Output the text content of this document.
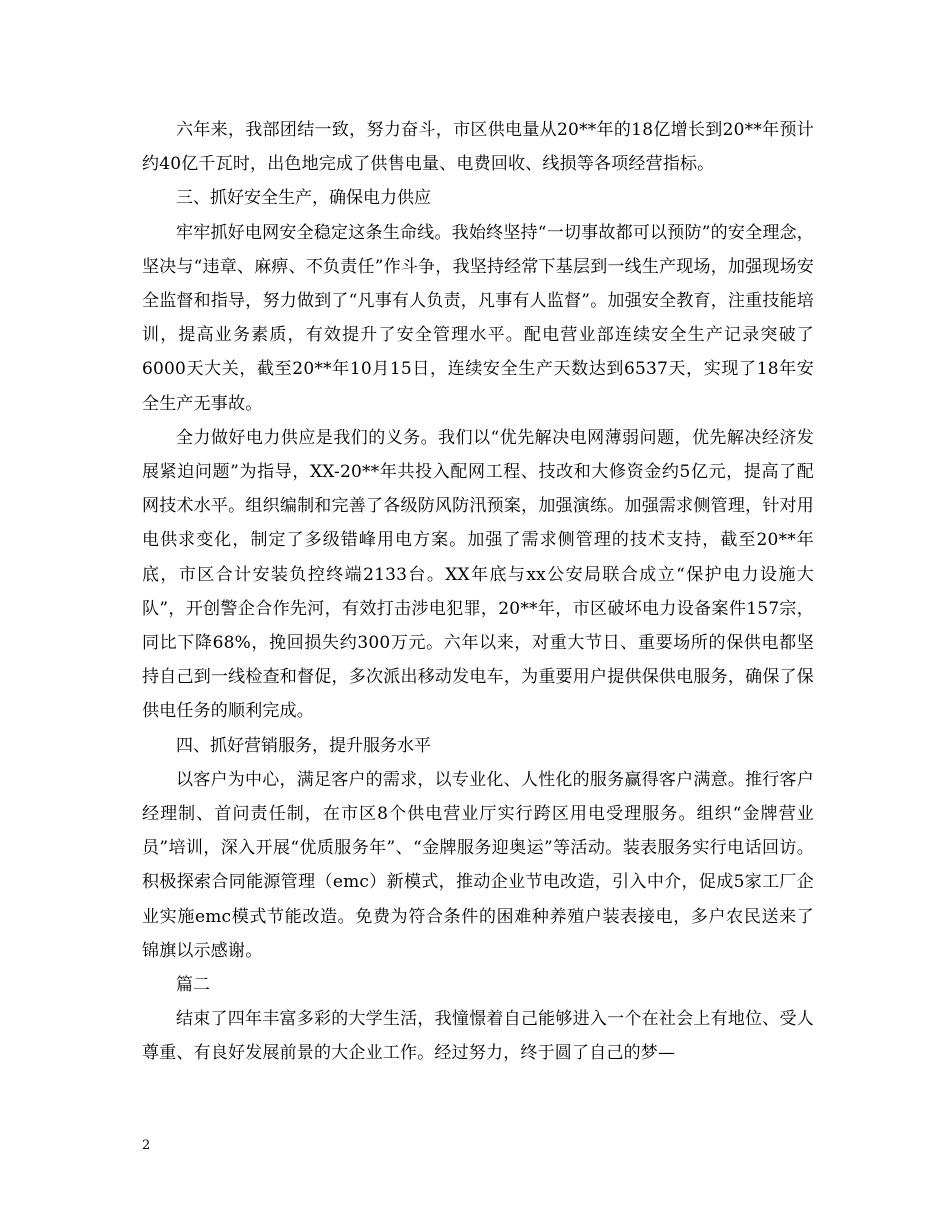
六年来，我部团结一致，努力奋斗，市区供电量从20**年的18亿增长到20**年预计约40亿千瓦时，出色地完成了供售电量、电费回收、线损等各项经营指标。

三、抓好安全生产，确保电力供应

牢牢抓好电网安全稳定这条生命线。我始终坚持“一切事故都可以预防”的安全理念，坚决与“违章、麻痹、不负责任”作斗争，我坚持经常下基层到一线生产现场，加强现场安全监督和指导，努力做到了“凡事有人负责，凡事有人监督”。加强安全教育，注重技能培训，提高业务素质，有效提升了安全管理水平。配电营业部连续安全生产记录突破了6000天大关，截至20**年10月15日，连续安全生产天数达到6537天，实现了18年安全生产无事故。

全力做好电力供应是我们的义务。我们以“优先解决电网薄弱问题，优先解决经济发展紧迫问题”为指导，XX-20**年共投入配网工程、技改和大修资金约5亿元，提高了配网技术水平。组织编制和完善了各级防风防汛预案，加强演练。加强需求侧管理，针对用电供求变化，制定了多级错峰用电方案。加强了需求侧管理的技术支持，截至20**年底，市区合计安装负控终端2133台。XX年底与xx公安局联合成立“保护电力设施大队”，开创警企合作先河，有效打击涉电犯罪，20**年，市区破坏电力设备案件157宗，同比下降68%，挽回损失约300万元。六年以来，对重大节日、重要场所的保供电都坚持自己到一线检查和督促，多次派出移动发电车，为重要用户提供保供电服务，确保了保供电任务的顺利完成。

四、抓好营销服务，提升服务水平

以客户为中心，满足客户的需求，以专业化、人性化的服务赢得客户满意。推行客户经理制、首问责任制，在市区8个供电营业厅实行跨区用电受理服务。组织“金牌营业员”培训，深入开展“优质服务年”、“金牌服务迎奥运”等活动。装表服务实行电话回访。积极探索合同能源管理（emc）新模式，推动企业节电改造，引入中介，促成5家工厂企业实施emc模式节能改造。免费为符合条件的困难种养殖户装表接电，多户农民送来了锦旗以示感谢。

篇二

结束了四年丰富多彩的大学生活，我憧憬着自己能够进入一个在社会上有地位、受人尊重、有良好发展前景的大企业工作。经过努力，终于圆了自己的梦—

2
